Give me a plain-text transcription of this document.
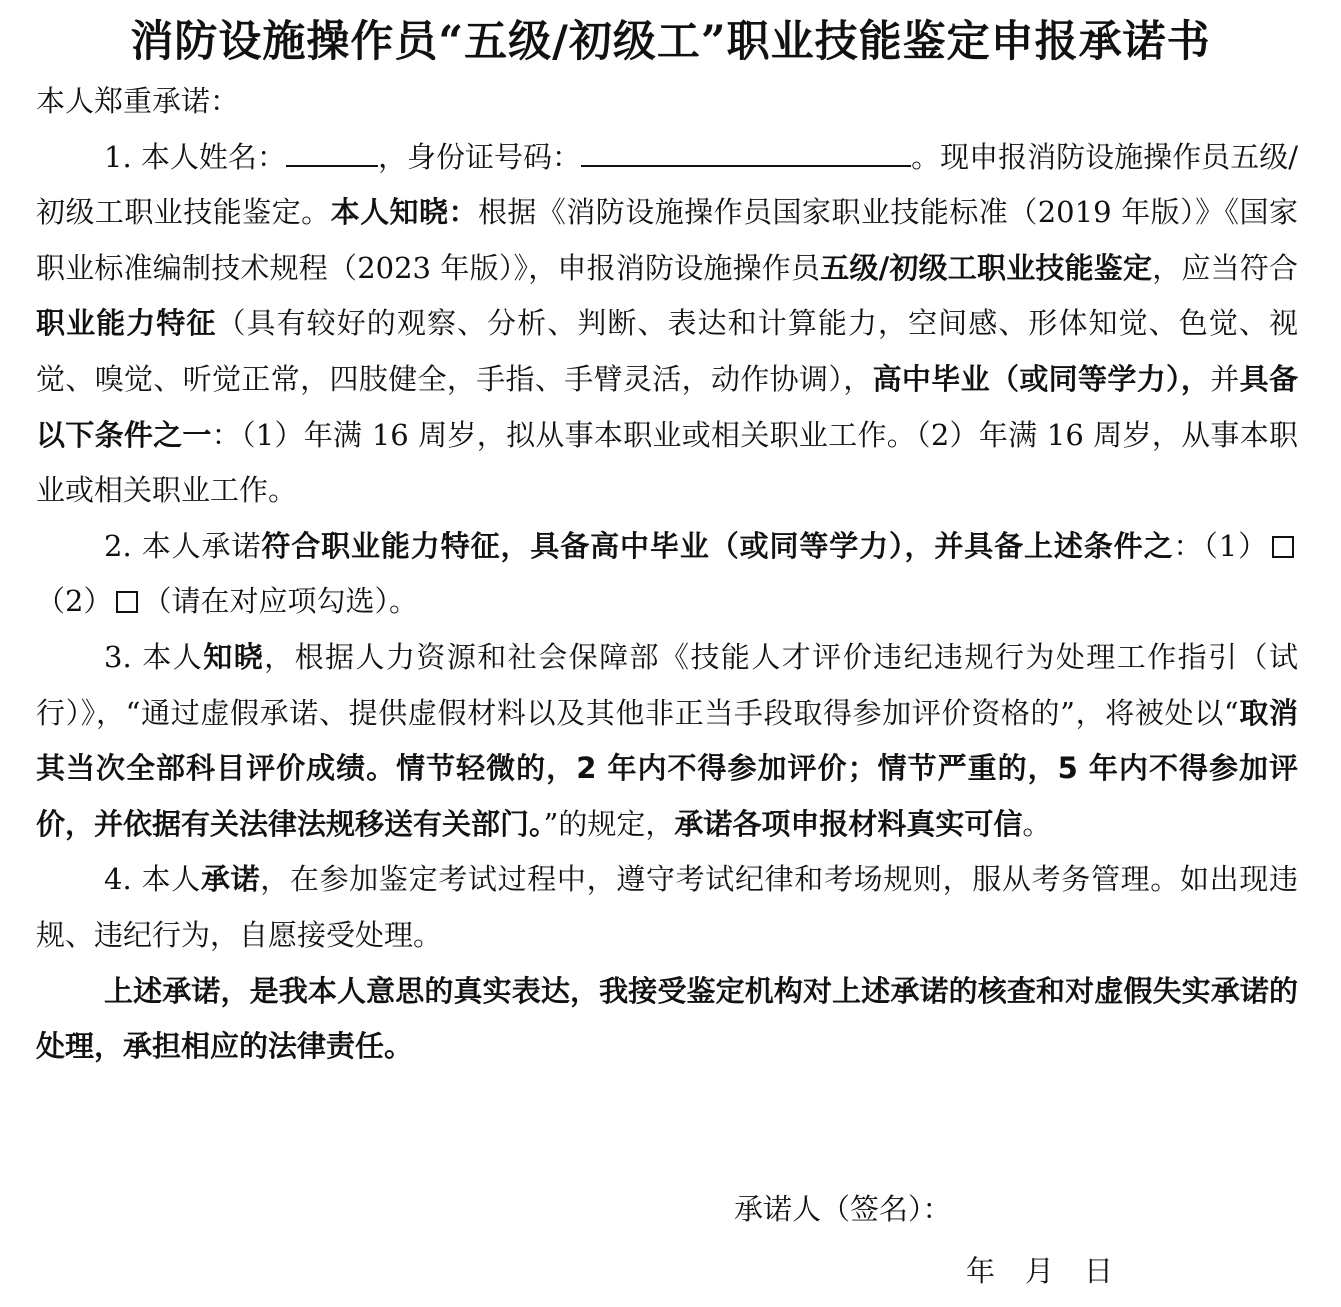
消防设施操作员“五级/初级工”职业技能鉴定申报承诺书

本人郑重承诺：

1. 本人姓名：	，身份证号码：	。现申报消防设施操作员五级/初级工职业技能鉴定。本人知晓：根据《消防设施操作员国家职业技能标准（2019 年版）》《国家职业标准编制技术规程（2023 年版）》，申报消防设施操作员五级/初级工职业技能鉴定，应当符合职业能力特征（具有较好的观察、分析、判断、表达和计算能力，空间感、形体知觉、色觉、视觉、嗅觉、听觉正常，四肢健全，手指、手臂灵活，动作协调），高中毕业（或同等学力），并具备以下条件之一：（1）年满 16 周岁，拟从事本职业或相关职业工作。（2）年满 16 周岁，从事本职业或相关职业工作。

2. 本人承诺符合职业能力特征，具备高中毕业（或同等学力），并具备上述条件之：（1）（2） （请在对应项勾选）。

3. 本人知晓，根据人力资源和社会保障部《技能人才评价违纪违规行为处理工作指引（试行）》，“通过虚假承诺、提供虚假材料以及其他非正当手段取得参加评价资格的”，将被处以“取消其当次全部科目评价成绩。情节轻微的，2 年内不得参加评价；情节严重的，5 年内不得参加评价，并依据有关法律法规移送有关部门。”的规定，承诺各项申报材料真实可信。

4. 本人承诺，在参加鉴定考试过程中，遵守考试纪律和考场规则，服从考务管理。如出现违规、违纪行为，自愿接受处理。

上述承诺，是我本人意思的真实表达，我接受鉴定机构对上述承诺的核查和对虚假失实承诺的处理，承担相应的法律责任。

承诺人（签名）：
年 月 日
